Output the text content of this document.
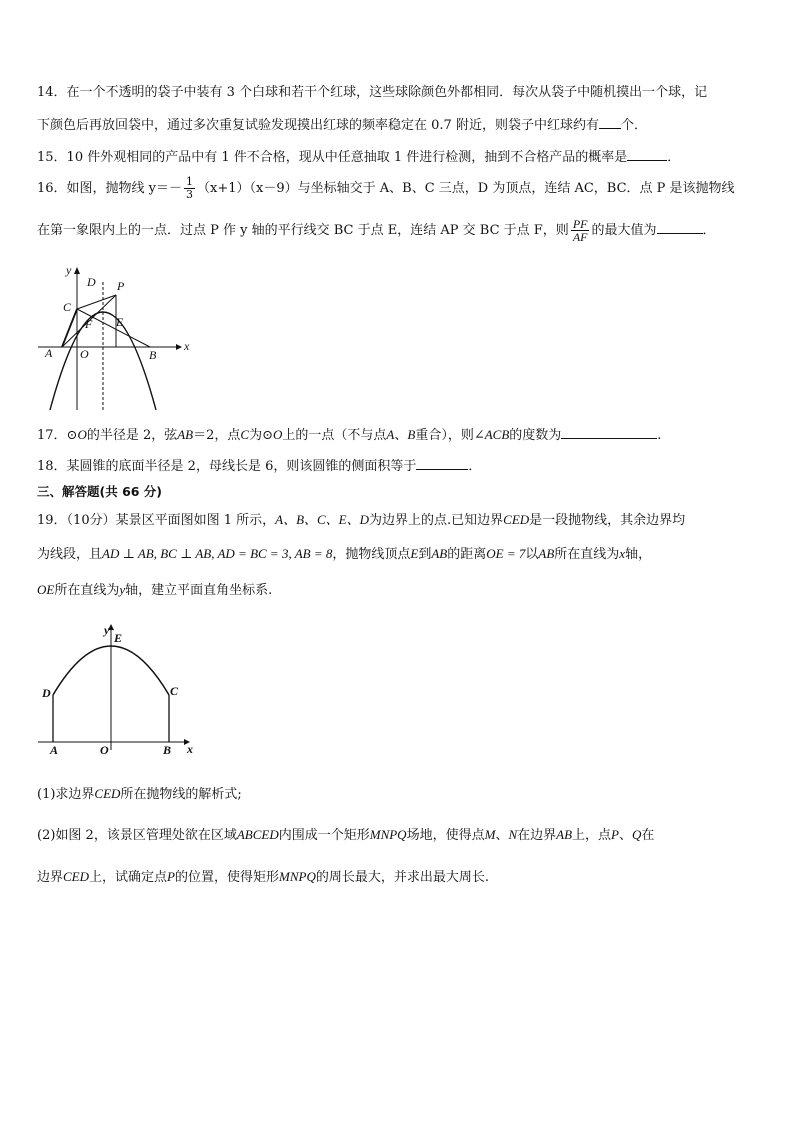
14．在一个不透明的袋子中装有 3 个白球和若干个红球，这些球除颜色外都相同．每次从袋子中随机摸出一个球，记
下颜色后再放回袋中，通过多次重复试验发现摸出红球的频率稳定在 0.7 附近，则袋子中红球约有 个．
15．10 件外观相同的产品中有 1 件不合格，现从中任意抽取 1 件进行检测，抽到不合格产品的概率是	．
16．如图，抛物线 $y=- \frac{1}{3} (x+1)(x-9)$与坐标轴交于 A、B、C 三点，D 为顶点，连结 AC，BC．点 P 是该抛物线
在第一象限内上的一点．过点 P 作 y 轴的平行线交 BC 于点 E，连结 AP 交 BC 于点 F，则 $\frac{PF}{AF}$ 的最大值为	．
y
x
A O	B
C
D P
E
F
17．⊙O的半径是 2，弦AB＝2，点C为⊙O上的一点（不与点A、B重合），则∠ACB的度数为	.
18．某圆锥的底面半径是 2，母线长是 6，则该圆锥的侧面积等于	．
三、解答题(共 66 分)
19．（10分）某景区平面图如图 1 所示，A、B、C、E、D为边界上的点.已知边界CED是一段抛物线，其余边界均
为线段，且AD ⊥ AB, BC ⊥ AB, AD = BC = 3, AB = 8，抛物线顶点E到AB的距离OE = 7以AB所在直线为x轴，
OE所在直线为y轴，建立平面直角坐标系.
y
E
D	C
A	O	B x
(1)求边界CED所在抛物线的解析式;
(2)如图 2，该景区管理处欲在区域ABCED内围成一个矩形MNPQ场地，使得点M、N在边界AB上，点P、Q在
边界CED上，试确定点P的位置，使得矩形MNPQ的周长最大，并求出最大周长.
